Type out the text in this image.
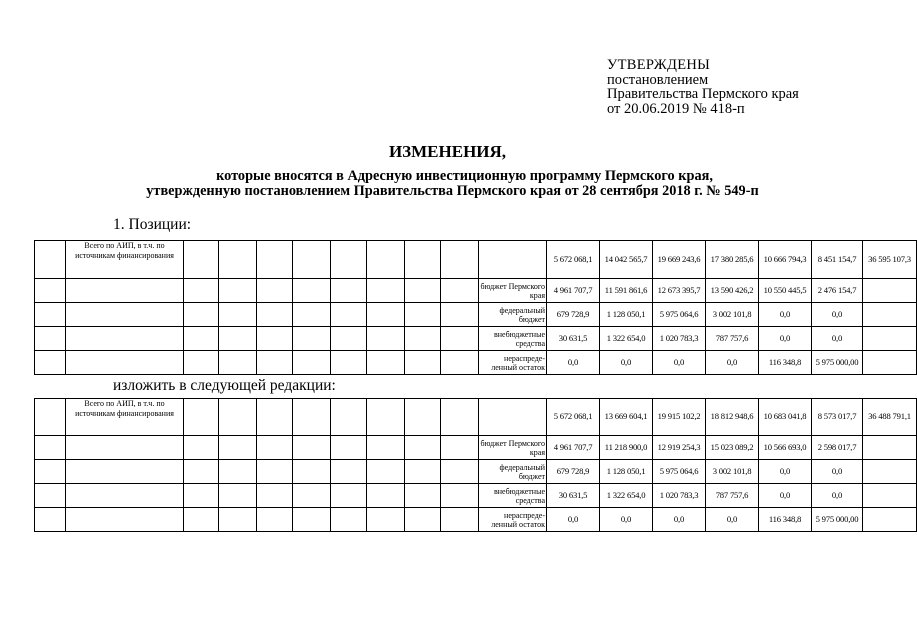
УТВЕРЖДЕНЫ
постановлением
Правительства Пермского края
от 20.06.2019 № 418-п
ИЗМЕНЕНИЯ,
которые вносятся в Адресную инвестиционную программу Пермского края,
утвержденную постановлением Правительства Пермского края от 28 сентября 2018 г. № 549-п
1. Позиции:
изложить в следующей редакции:
	Всего по АИП, в т.ч. по источникам финансирования										5 672 068,1	14 042 565,7	19 669 243,6	17 380 285,6	10 666 794,3	8 451 154,7	36 595 107,3
										бюджет Пермского края	4 961 707,7	11 591 861,6	12 673 395,7	13 590 426,2	10 550 445,5	2 476 154,7	
										федеральный бюджет	679 728,9	1 128 050,1	5 975 064,6	3 002 101,8	0,0	0,0	
										внебюджетные средства	30 631,5	1 322 654,0	1 020 783,3	787 757,6	0,0	0,0	
										нераспреде-ленный остаток	0,0	0,0	0,0	0,0	116 348,8	5 975 000,00	
	Всего по АИП, в т.ч. по источникам финансирования										5 672 068,1	13 669 604,1	19 915 102,2	18 812 948,6	10 683 041,8	8 573 017,7	36 488 791,1
										бюджет Пермского края	4 961 707,7	11 218 900,0	12 919 254,3	15 023 089,2	10 566 693,0	2 598 017,7	
										федеральный бюджет	679 728,9	1 128 050,1	5 975 064,6	3 002 101,8	0,0	0,0	
										внебюджетные средства	30 631,5	1 322 654,0	1 020 783,3	787 757,6	0,0	0,0	
										нераспреде-ленный остаток	0,0	0,0	0,0	0,0	116 348,8	5 975 000,00	
